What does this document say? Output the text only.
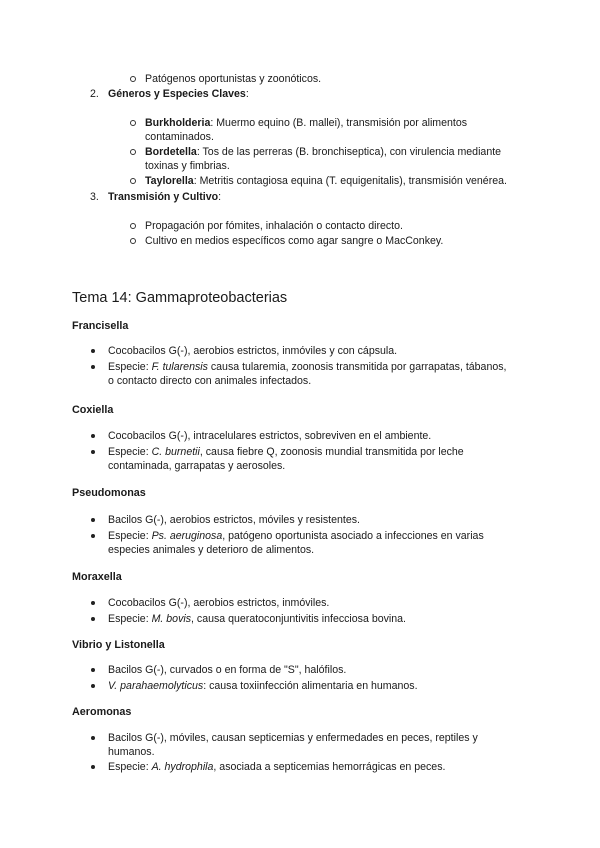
Patógenos oportunistas y zoonóticos.
2. Géneros y Especies Claves:
Burkholderia: Muermo equino (B. mallei), transmisión por alimentos
contaminados.
Bordetella: Tos de las perreras (B. bronchiseptica), con virulencia mediante
toxinas y fimbrias.
Taylorella: Metritis contagiosa equina (T. equigenitalis), transmisión venérea.
3. Transmisión y Cultivo:
Propagación por fómites, inhalación o contacto directo.
Cultivo en medios específicos como agar sangre o MacConkey.
Tema 14: Gammaproteobacterias
Francisella
Cocobacilos G(-), aerobios estrictos, inmóviles y con cápsula.
Especie: F. tularensis causa tularemia, zoonosis transmitida por garrapatas, tábanos,
o contacto directo con animales infectados.
Coxiella
Cocobacilos G(-), intracelulares estrictos, sobreviven en el ambiente.
Especie: C. burnetii, causa fiebre Q, zoonosis mundial transmitida por leche
contaminada, garrapatas y aerosoles.
Pseudomonas
Bacilos G(-), aerobios estrictos, móviles y resistentes.
Especie: Ps. aeruginosa, patógeno oportunista asociado a infecciones en varias
especies animales y deterioro de alimentos.
Moraxella
Cocobacilos G(-), aerobios estrictos, inmóviles.
Especie: M. bovis, causa queratoconjuntivitis infecciosa bovina.
Vibrio y Listonella
Bacilos G(-), curvados o en forma de "S", halófilos.
V. parahaemolyticus: causa toxiinfección alimentaria en humanos.
Aeromonas
Bacilos G(-), móviles, causan septicemias y enfermedades en peces, reptiles y
humanos.
Especie: A. hydrophila, asociada a septicemias hemorrágicas en peces.
